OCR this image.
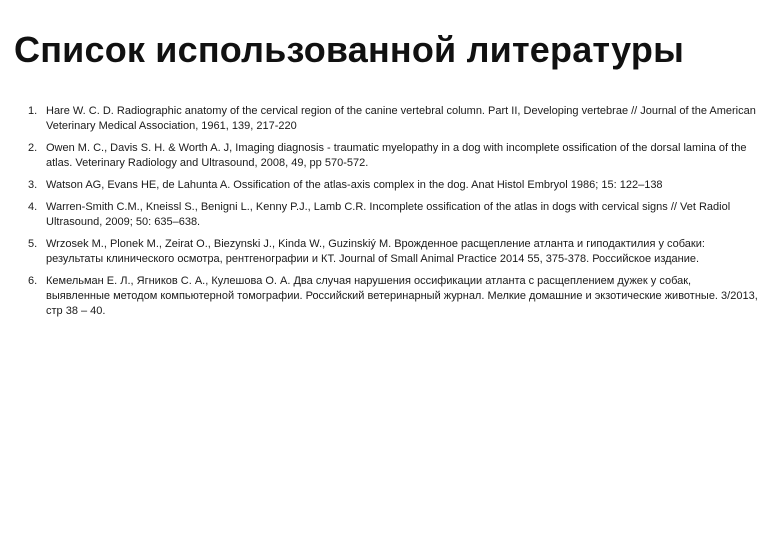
Список использованной литературы
1. Hare W. C. D. Radiographic anatomy of the cervical region of the canine vertebral column. Part II, Developing vertebrae // Journal of the American Veterinary Medical Association, 1961, 139, 217-220
2. Owen M. C., Davis S. H. & Worth A. J, Imaging diagnosis - traumatic myelopathy in a dog with incomplete ossification of the dorsal lamina of the atlas. Veterinary Radiology and Ultrasound, 2008, 49, pp 570-572.
3. Watson AG, Evans HE, de Lahunta A. Ossification of the atlas-axis complex in the dog. Anat Histol Embryol 1986; 15: 122–138
4. Warren-Smith C.M., Kneissl S., Benigni L., Kenny P.J., Lamb C.R. Incomplete ossification of the atlas in dogs with cervical signs // Vet Radiol Ultrasound, 2009; 50: 635–638.
5. Wrzosek M., Plonek M., Zeirat O., Biezynski J., Kinda W., Guzinskiý M. Врожденное расщепление атланта и гиподактилия у собаки: результаты клинического осмотра, рентгенографии и КТ. Journal of Small Animal Practice 2014 55, 375-378. Российское издание.
6. Кемельман Е. Л., Ягников С. А., Кулешова О. А. Два случая нарушения оссификации атланта с расщеплением дужек у собак, выявленные методом компьютерной томографии. Российский ветеринарный журнал. Мелкие домашние и экзотические животные. 3/2013, стр 38 – 40.
